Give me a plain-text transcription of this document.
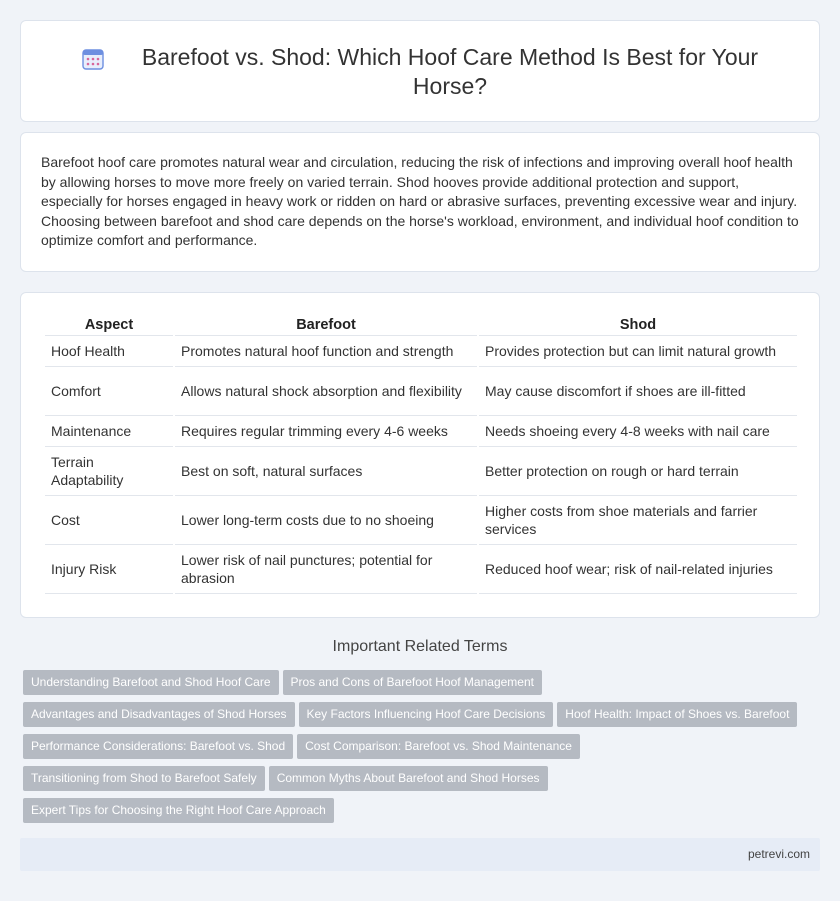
Barefoot vs. Shod: Which Hoof Care Method Is Best for Your Horse?

Barefoot hoof care promotes natural wear and circulation, reducing the risk of infections and improving overall hoof health by allowing horses to move more freely on varied terrain. Shod hooves provide additional protection and support, especially for horses engaged in heavy work or ridden on hard or abrasive surfaces, preventing excessive wear and injury. Choosing between barefoot and shod care depends on the horse's workload, environment, and individual hoof condition to optimize comfort and performance.

Aspect	Barefoot	Shod
Hoof Health	Promotes natural hoof function and strength	Provides protection but can limit natural growth
Comfort	Allows natural shock absorption and flexibility	May cause discomfort if shoes are ill-fitted
Maintenance	Requires regular trimming every 4-6 weeks	Needs shoeing every 4-8 weeks with nail care
Terrain Adaptability	Best on soft, natural surfaces	Better protection on rough or hard terrain
Cost	Lower long-term costs due to no shoeing	Higher costs from shoe materials and farrier services
Injury Risk	Lower risk of nail punctures; potential for abrasion	Reduced hoof wear; risk of nail-related injuries
Important Related Terms
Understanding Barefoot and Shod Hoof Care Pros and Cons of Barefoot Hoof Management
Advantages and Disadvantages of Shod Horses Key Factors Influencing Hoof Care Decisions Hoof Health: Impact of Shoes vs. Barefoot
Performance Considerations: Barefoot vs. Shod Cost Comparison: Barefoot vs. Shod Maintenance
Transitioning from Shod to Barefoot Safely Common Myths About Barefoot and Shod Horses
Expert Tips for Choosing the Right Hoof Care Approach
petrevi.com
